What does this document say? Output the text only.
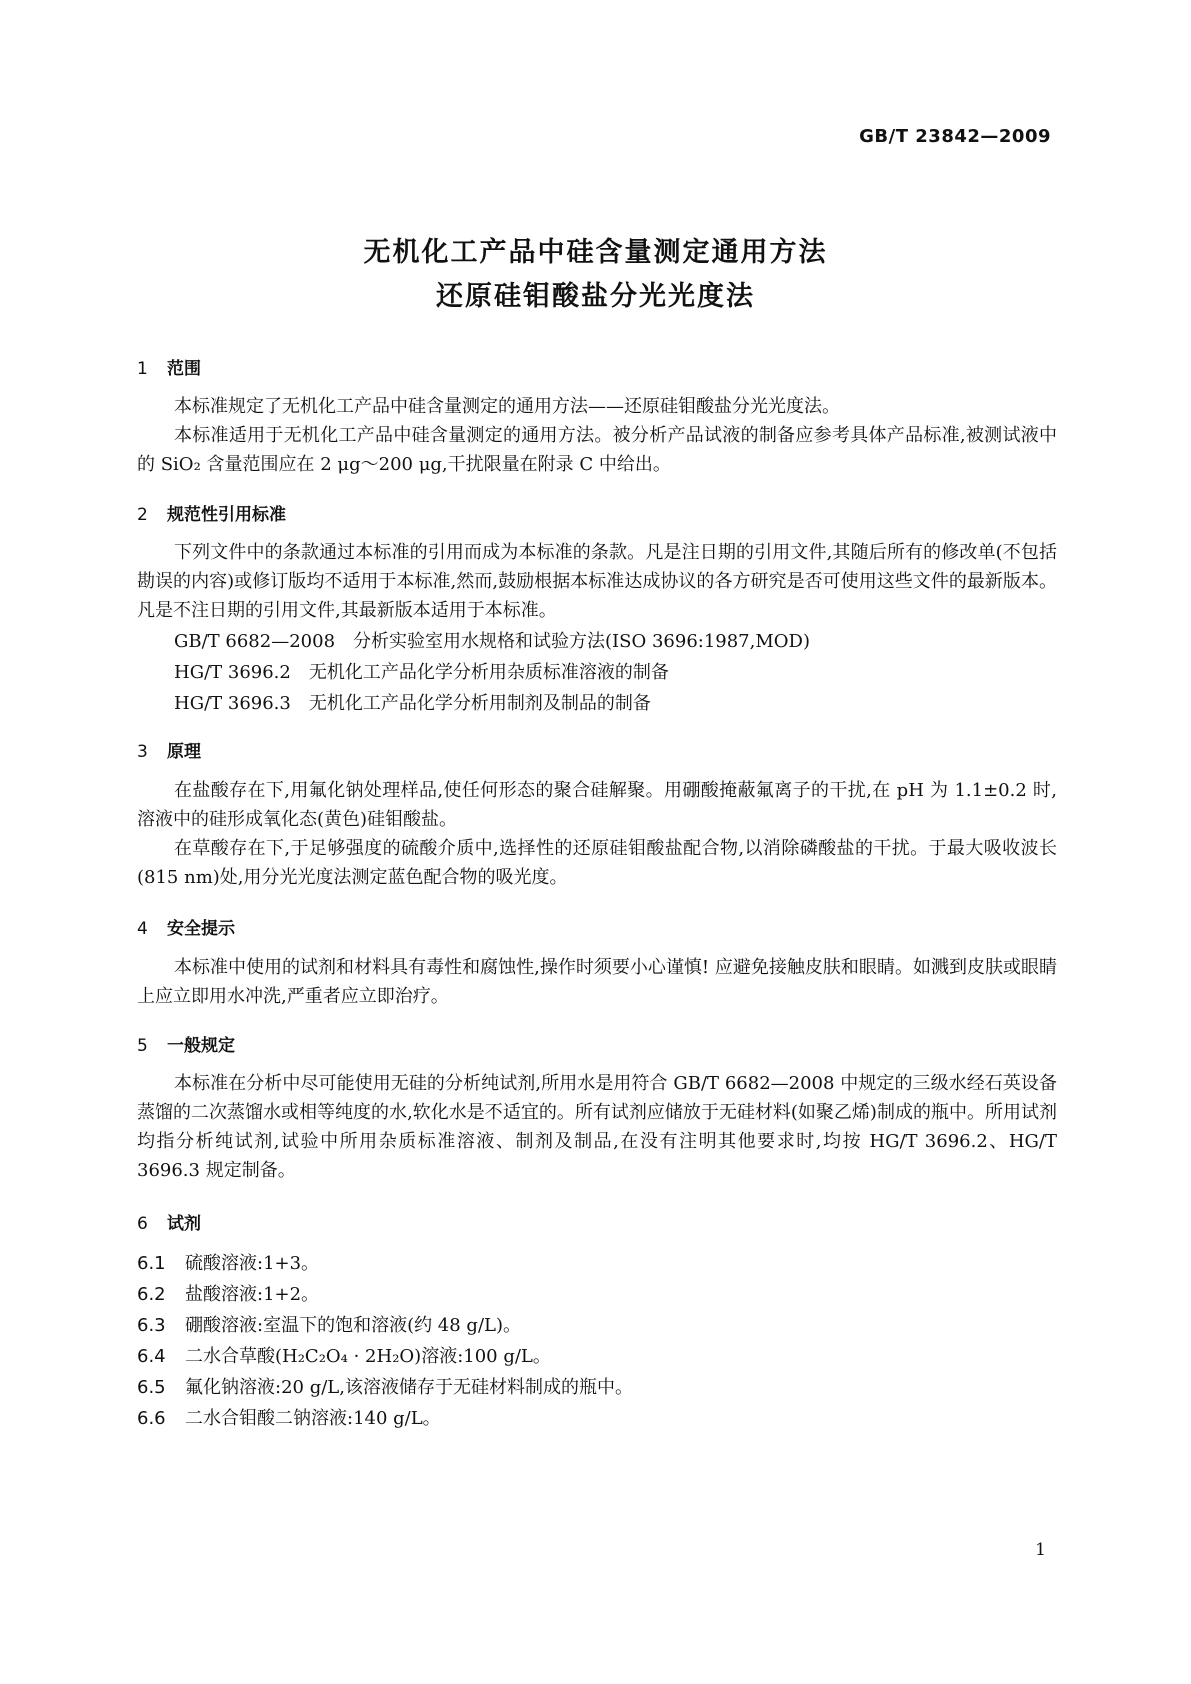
GB/T 23842—2009
无机化工产品中硅含量测定通用方法
还原硅钼酸盐分光光度法
1 范围

本标准规定了无机化工产品中硅含量测定的通用方法——还原硅钼酸盐分光光度法。

本标准适用于无机化工产品中硅含量测定的通用方法。被分析产品试液的制备应参考具体产品标准,被测试液中的 SiO₂ 含量范围应在 2 μg～200 μg,干扰限量在附录 C 中给出。

2 规范性引用标准

下列文件中的条款通过本标准的引用而成为本标准的条款。凡是注日期的引用文件,其随后所有的修改单(不包括勘误的内容)或修订版均不适用于本标准,然而,鼓励根据本标准达成协议的各方研究是否可使用这些文件的最新版本。凡是不注日期的引用文件,其最新版本适用于本标准。

GB/T 6682—2008 分析实验室用水规格和试验方法(ISO 3696:1987,MOD)
HG/T 3696.2 无机化工产品化学分析用杂质标准溶液的制备
HG/T 3696.3 无机化工产品化学分析用制剂及制品的制备
3 原理

在盐酸存在下,用氟化钠处理样品,使任何形态的聚合硅解聚。用硼酸掩蔽氟离子的干扰,在 pH 为 1.1±0.2 时,溶液中的硅形成氧化态(黄色)硅钼酸盐。

在草酸存在下,于足够强度的硫酸介质中,选择性的还原硅钼酸盐配合物,以消除磷酸盐的干扰。于最大吸收波长(815 nm)处,用分光光度法测定蓝色配合物的吸光度。

4 安全提示

本标准中使用的试剂和材料具有毒性和腐蚀性,操作时须要小心谨慎! 应避免接触皮肤和眼睛。如溅到皮肤或眼睛上应立即用水冲洗,严重者应立即治疗。

5 一般规定

本标准在分析中尽可能使用无硅的分析纯试剂,所用水是用符合 GB/T 6682—2008 中规定的三级水经石英设备蒸馏的二次蒸馏水或相等纯度的水,软化水是不适宜的。所有试剂应储放于无硅材料(如聚乙烯)制成的瓶中。所用试剂均指分析纯试剂,试验中所用杂质标准溶液、制剂及制品,在没有注明其他要求时,均按 HG/T 3696.2、HG/T 3696.3 规定制备。

6 试剂
6.1 硫酸溶液:1+3。
6.2 盐酸溶液:1+2。
6.3 硼酸溶液:室温下的饱和溶液(约 48 g/L)。
6.4 二水合草酸(H₂C₂O₄ · 2H₂O)溶液:100 g/L。
6.5 氟化钠溶液:20 g/L,该溶液储存于无硅材料制成的瓶中。
6.6 二水合钼酸二钠溶液:140 g/L。
1
